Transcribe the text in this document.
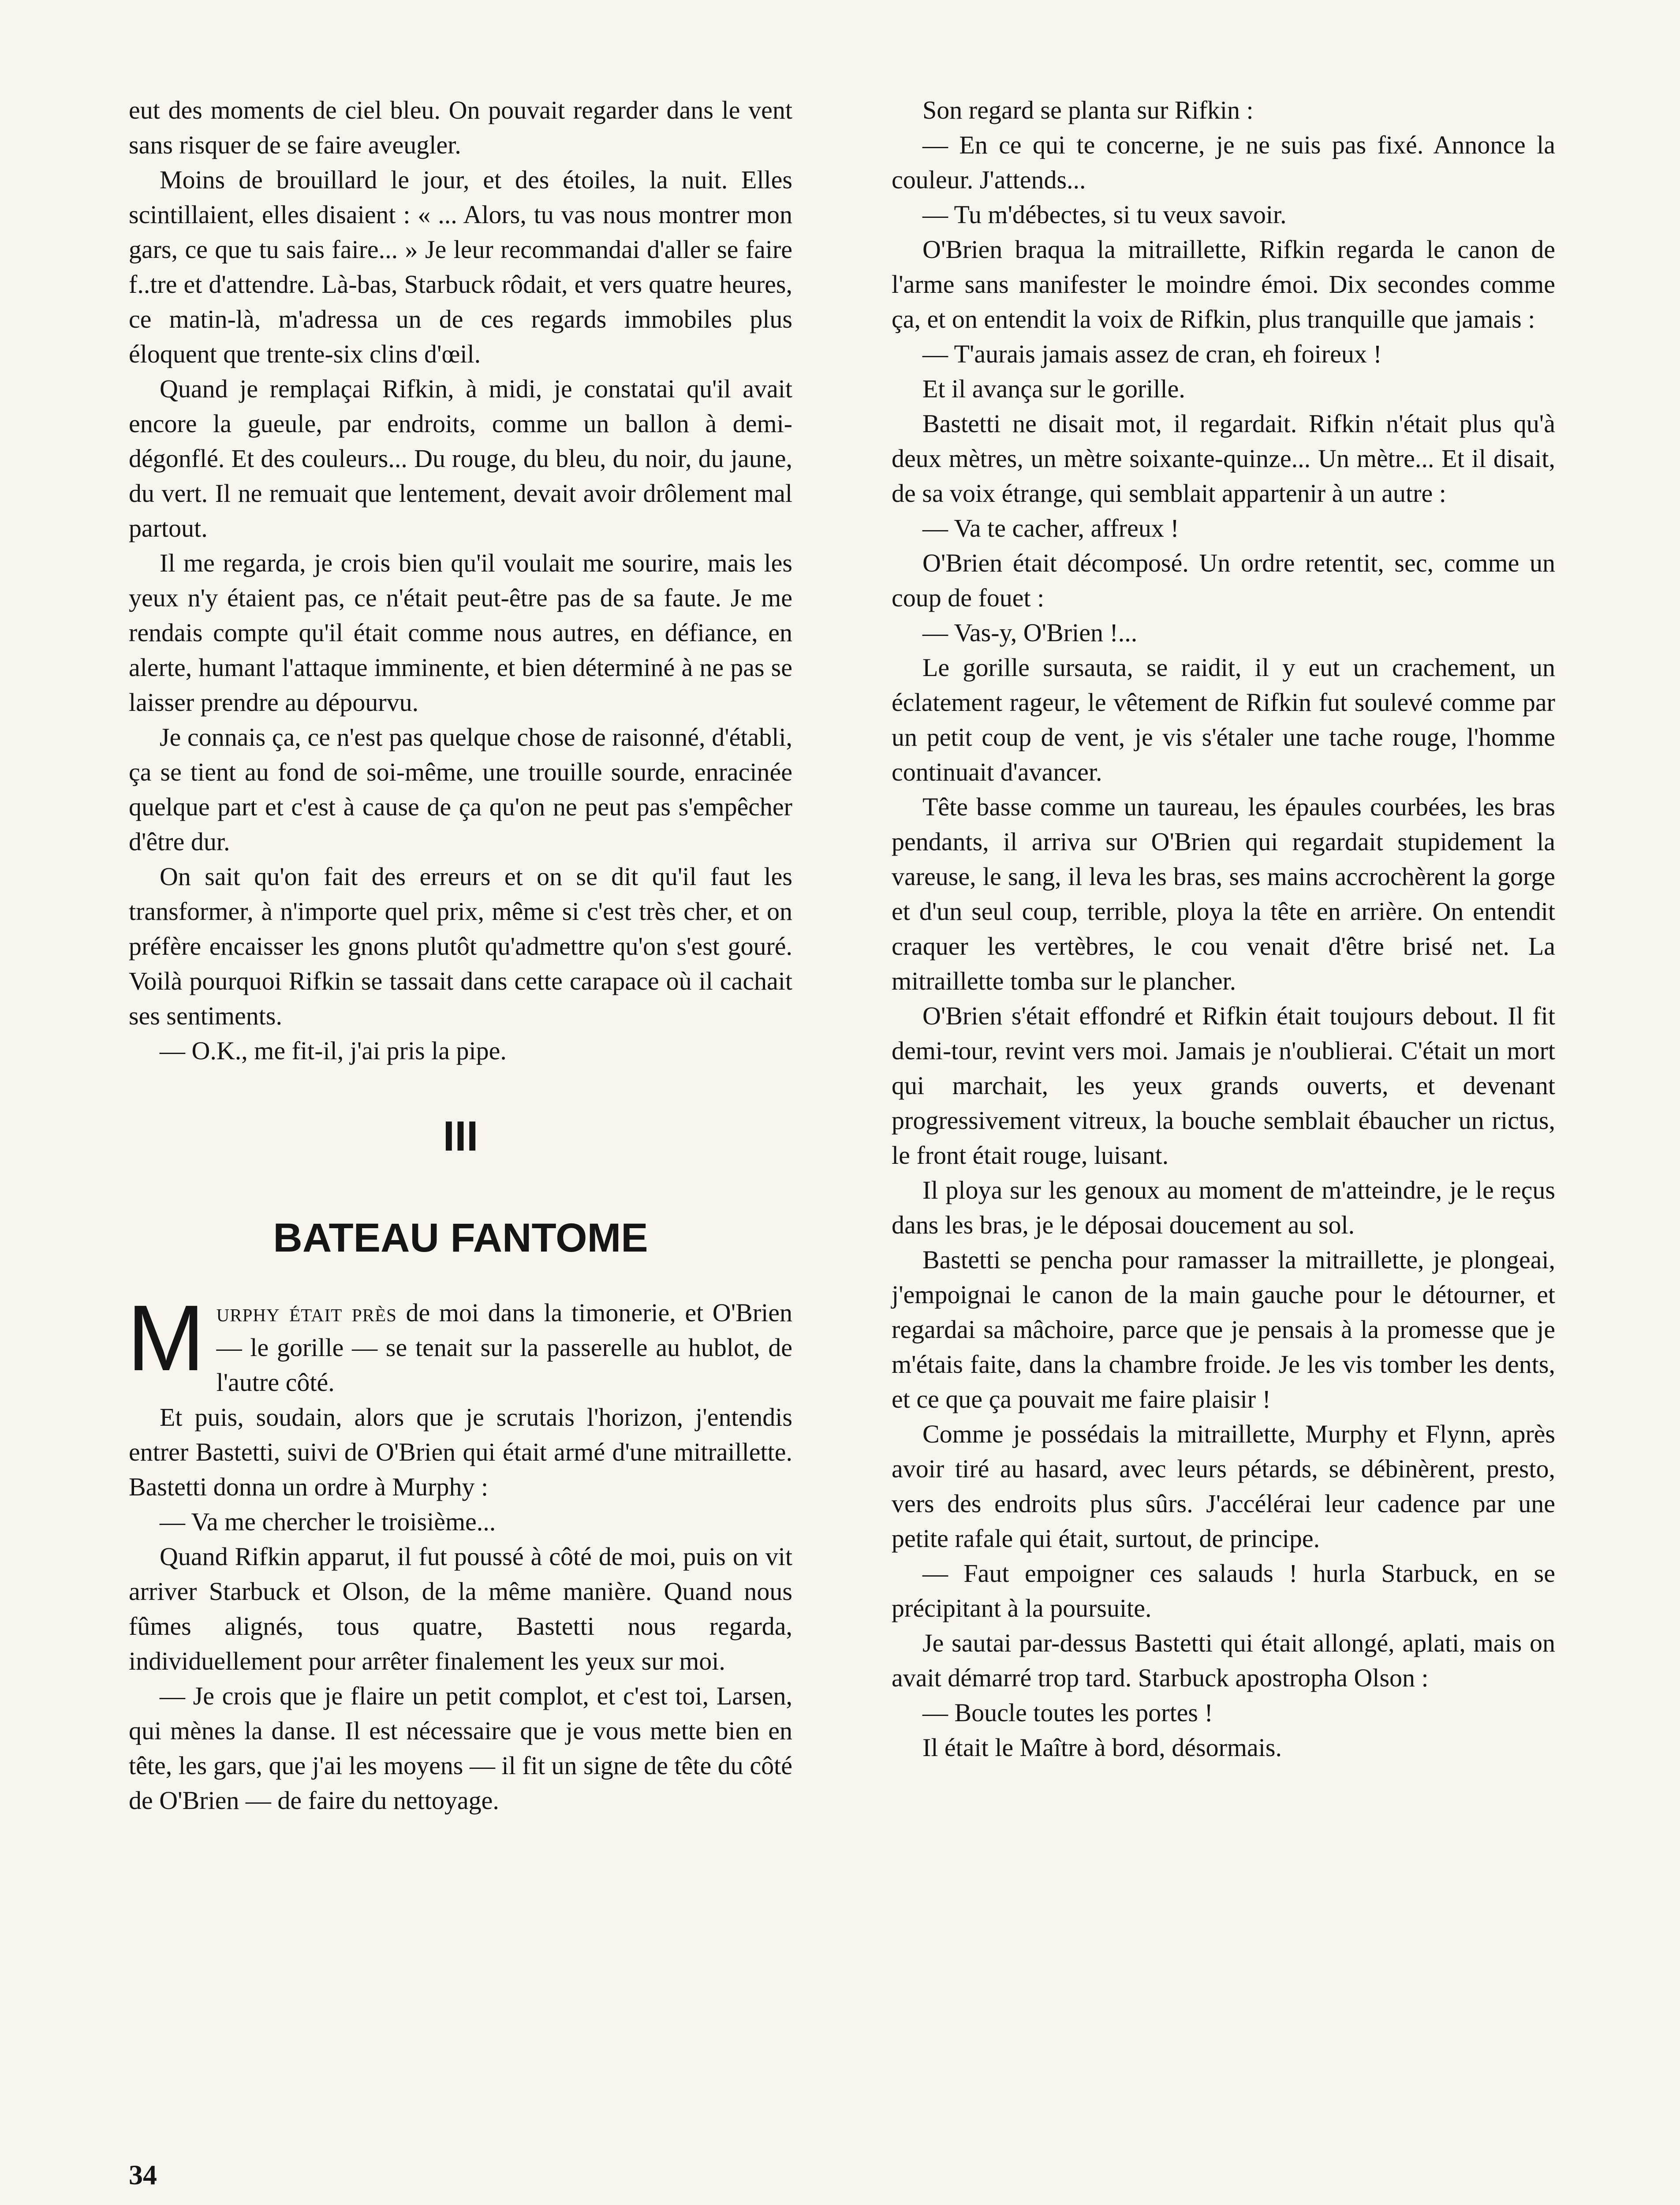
eut des moments de ciel bleu. On pouvait regarder dans le vent sans risquer de se faire aveugler.

Moins de brouillard le jour, et des étoiles, la nuit. Elles scintillaient, elles disaient : « ... Alors, tu vas nous montrer mon gars, ce que tu sais faire... » Je leur recommandai d'aller se faire f..tre et d'attendre. Là-bas, Starbuck rôdait, et vers quatre heures, ce matin-là, m'adressa un de ces regards immobiles plus éloquent que trente-six clins d'œil.

Quand je remplaçai Rifkin, à midi, je constatai qu'il avait encore la gueule, par endroits, comme un ballon à demi-dégonflé. Et des couleurs... Du rouge, du bleu, du noir, du jaune, du vert. Il ne remuait que lentement, devait avoir drôlement mal partout.

Il me regarda, je crois bien qu'il voulait me sourire, mais les yeux n'y étaient pas, ce n'était peut-être pas de sa faute. Je me rendais compte qu'il était comme nous autres, en défiance, en alerte, humant l'attaque imminente, et bien déterminé à ne pas se laisser prendre au dépourvu.

Je connais ça, ce n'est pas quelque chose de raisonné, d'établi, ça se tient au fond de soi-même, une trouille sourde, enracinée quelque part et c'est à cause de ça qu'on ne peut pas s'empêcher d'être dur.

On sait qu'on fait des erreurs et on se dit qu'il faut les transformer, à n'importe quel prix, même si c'est très cher, et on préfère encaisser les gnons plutôt qu'admettre qu'on s'est gouré. Voilà pourquoi Rifkin se tassait dans cette carapace où il cachait ses sentiments.

— O.K., me fit-il, j'ai pris la pipe.

III
BATEAU FANTOME

Murphy était près de moi dans la timonerie, et O'Brien — le gorille — se tenait sur la passerelle au hublot, de l'autre côté.

Et puis, soudain, alors que je scrutais l'horizon, j'entendis entrer Bastetti, suivi de O'Brien qui était armé d'une mitraillette. Bastetti donna un ordre à Murphy :

— Va me chercher le troisième...

Quand Rifkin apparut, il fut poussé à côté de moi, puis on vit arriver Starbuck et Olson, de la même manière. Quand nous fûmes alignés, tous quatre, Bastetti nous regarda, individuellement pour arrêter finalement les yeux sur moi.

— Je crois que je flaire un petit complot, et c'est toi, Larsen, qui mènes la danse. Il est nécessaire que je vous mette bien en tête, les gars, que j'ai les moyens — il fit un signe de tête du côté de O'Brien — de faire du nettoyage.

Son regard se planta sur Rifkin :

— En ce qui te concerne, je ne suis pas fixé. Annonce la couleur. J'attends...

— Tu m'débectes, si tu veux savoir.

O'Brien braqua la mitraillette, Rifkin regarda le canon de l'arme sans manifester le moindre émoi. Dix secondes comme ça, et on entendit la voix de Rifkin, plus tranquille que jamais :

— T'aurais jamais assez de cran, eh foireux !

Et il avança sur le gorille.

Bastetti ne disait mot, il regardait. Rifkin n'était plus qu'à deux mètres, un mètre soixante-quinze... Un mètre... Et il disait, de sa voix étrange, qui semblait appartenir à un autre :

— Va te cacher, affreux !

O'Brien était décomposé. Un ordre retentit, sec, comme un coup de fouet :

— Vas-y, O'Brien !...

Le gorille sursauta, se raidit, il y eut un crachement, un éclatement rageur, le vêtement de Rifkin fut soulevé comme par un petit coup de vent, je vis s'étaler une tache rouge, l'homme continuait d'avancer.

Tête basse comme un taureau, les épaules courbées, les bras pendants, il arriva sur O'Brien qui regardait stupidement la vareuse, le sang, il leva les bras, ses mains accrochèrent la gorge et d'un seul coup, terrible, ploya la tête en arrière. On entendit craquer les vertèbres, le cou venait d'être brisé net. La mitraillette tomba sur le plancher.

O'Brien s'était effondré et Rifkin était toujours debout. Il fit demi-tour, revint vers moi. Jamais je n'oublierai. C'était un mort qui marchait, les yeux grands ouverts, et devenant progressivement vitreux, la bouche semblait ébaucher un rictus, le front était rouge, luisant.

Il ploya sur les genoux au moment de m'atteindre, je le reçus dans les bras, je le déposai doucement au sol.

Bastetti se pencha pour ramasser la mitraillette, je plongeai, j'empoignai le canon de la main gauche pour le détourner, et regardai sa mâchoire, parce que je pensais à la promesse que je m'étais faite, dans la chambre froide. Je les vis tomber les dents, et ce que ça pouvait me faire plaisir !

Comme je possédais la mitraillette, Murphy et Flynn, après avoir tiré au hasard, avec leurs pétards, se débinèrent, presto, vers des endroits plus sûrs. J'accélérai leur cadence par une petite rafale qui était, surtout, de principe.

— Faut empoigner ces salauds ! hurla Starbuck, en se précipitant à la poursuite.

Je sautai par-dessus Bastetti qui était allongé, aplati, mais on avait démarré trop tard. Starbuck apostropha Olson :

— Boucle toutes les portes !

Il était le Maître à bord, désormais.

34
